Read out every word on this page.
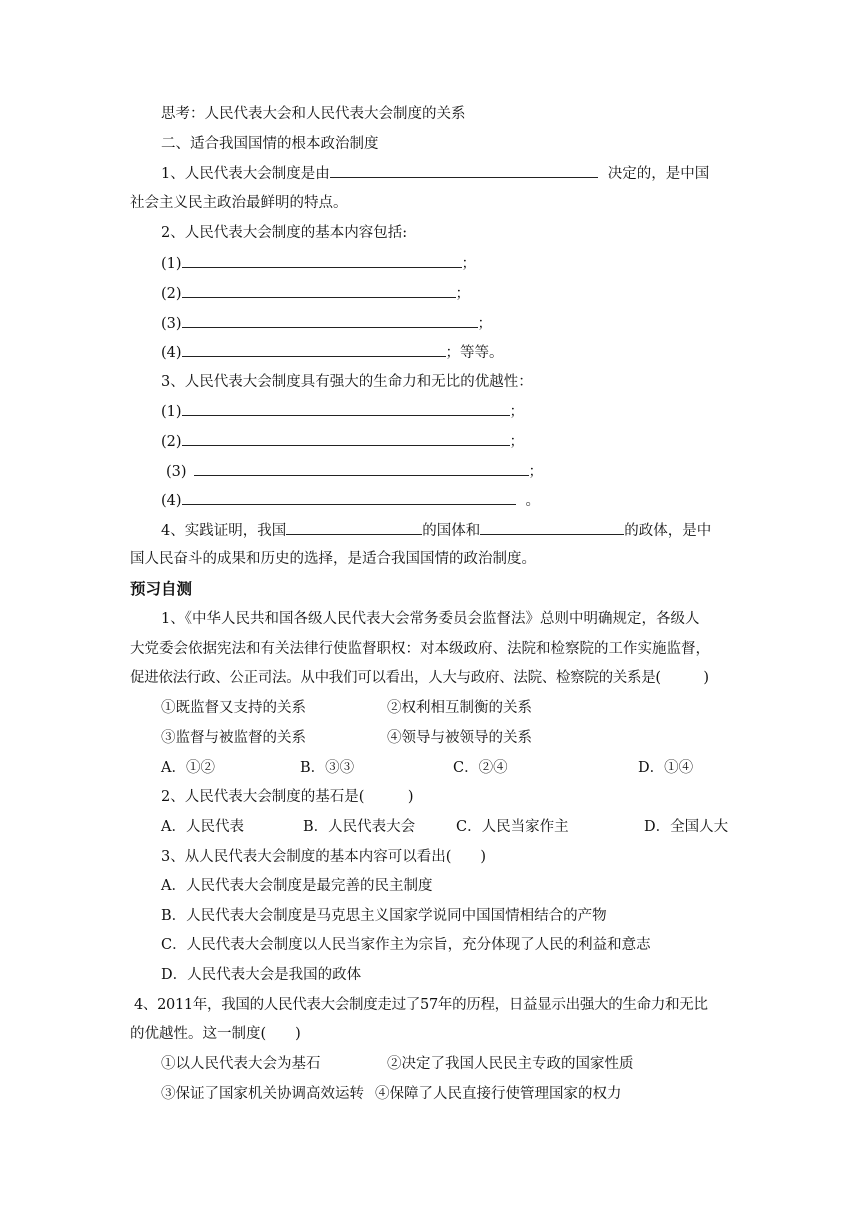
思考：人民代表大会和人民代表大会制度的关系
二、适合我国国情的根本政治制度
1、人民代表大会制度是由	决定的，是中国
社会主义民主政治最鲜明的特点。
2、人民代表大会制度的基本内容包括:
(1)	；
(2)	；
(3)	；
(4)	；等等。
3、人民代表大会制度具有强大的生命力和无比的优越性：
(1)	；
(2)	；
(3)	；
(4)	。
4、实践证明，我国	的国体和	的政体，是中
国人民奋斗的成果和历史的选择，是适合我国国情的政治制度。
预习自测
1、《中华人民共和国各级人民代表大会常务委员会监督法》总则中明确规定，各级人
大党委会依据宪法和有关法律行使监督职权：对本级政府、法院和检察院的工作实施监督，
促进依法行政、公正司法。从中我们可以看出，人大与政府、法院、检察院的关系是(　　　)
①既监督又支持的关系	②权利相互制衡的关系
③监督与被监督的关系	④领导与被领导的关系
A．①②	B．③③	C．②④	D．①④
2、人民代表大会制度的基石是(　　　)
A．人民代表	B．人民代表大会	C．人民当家作主	D．全国人大
3、从人民代表大会制度的基本内容可以看出(　　)
A．人民代表大会制度是最完善的民主制度
B．人民代表大会制度是马克思主义国家学说同中国国情相结合的产物
C．人民代表大会制度以人民当家作主为宗旨，充分体现了人民的利益和意志
D．人民代表大会是我国的政体
4、2011年，我国的人民代表大会制度走过了57年的历程，日益显示出强大的生命力和无比
的优越性。这一制度(　　)
①以人民代表大会为基石	②决定了我国人民民主专政的国家性质
③保证了国家机关协调高效运转 ④保障了人民直接行使管理国家的权力
